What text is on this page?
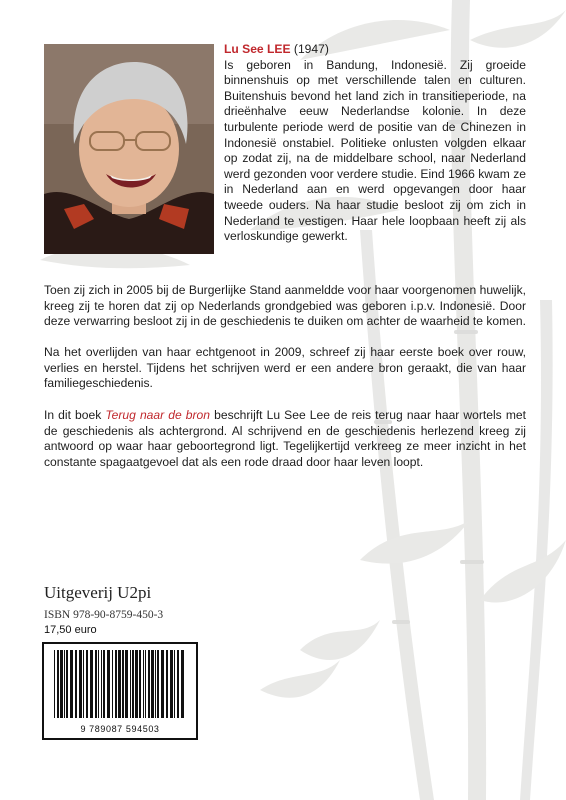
Lu See LEE (1947)
Is geboren in Bandung, Indonesië. Zij groeide binnenshuis op met verschillende talen en culturen. Buitenshuis bevond het land zich in transitieperiode, na drieënhalve eeuw Nederlandse kolonie. In deze turbulente periode werd de positie van de Chinezen in Indonesië onstabiel. Politieke onlusten volgden elkaar op zodat zij, na de middelbare school, naar Nederland werd gezonden voor verdere studie. Eind 1966 kwam ze in Nederland aan en werd opgevangen door haar tweede ouders. Na haar studie besloot zij om zich in Nederland te vestigen. Haar hele loopbaan heeft zij als verloskundige gewerkt.

Toen zij zich in 2005 bij de Burgerlijke Stand aanmeldde voor haar voorgenomen huwelijk, kreeg zij te horen dat zij op Nederlands grondgebied was geboren i.p.v. Indonesië. Door deze verwarring besloot zij in de geschiedenis te duiken om achter de waarheid te komen.

Na het overlijden van haar echtgenoot in 2009, schreef zij haar eerste boek over rouw, verlies en herstel. Tijdens het schrijven werd er een andere bron geraakt, die van haar familiegeschiedenis.

In dit boek Terug naar de bron beschrijft Lu See Lee de reis terug naar haar wortels met de geschiedenis als achtergrond. Al schrijvend en de geschiedenis herlezend kreeg zij antwoord op waar haar geboortegrond ligt. Tegelijkertijd verkreeg ze meer inzicht in het constante spagaatgevoel dat als een rode draad door haar leven loopt.

Uitgeverij U2pi
ISBN 978-90-8759-450-3
17,50 euro
9 789087 594503
